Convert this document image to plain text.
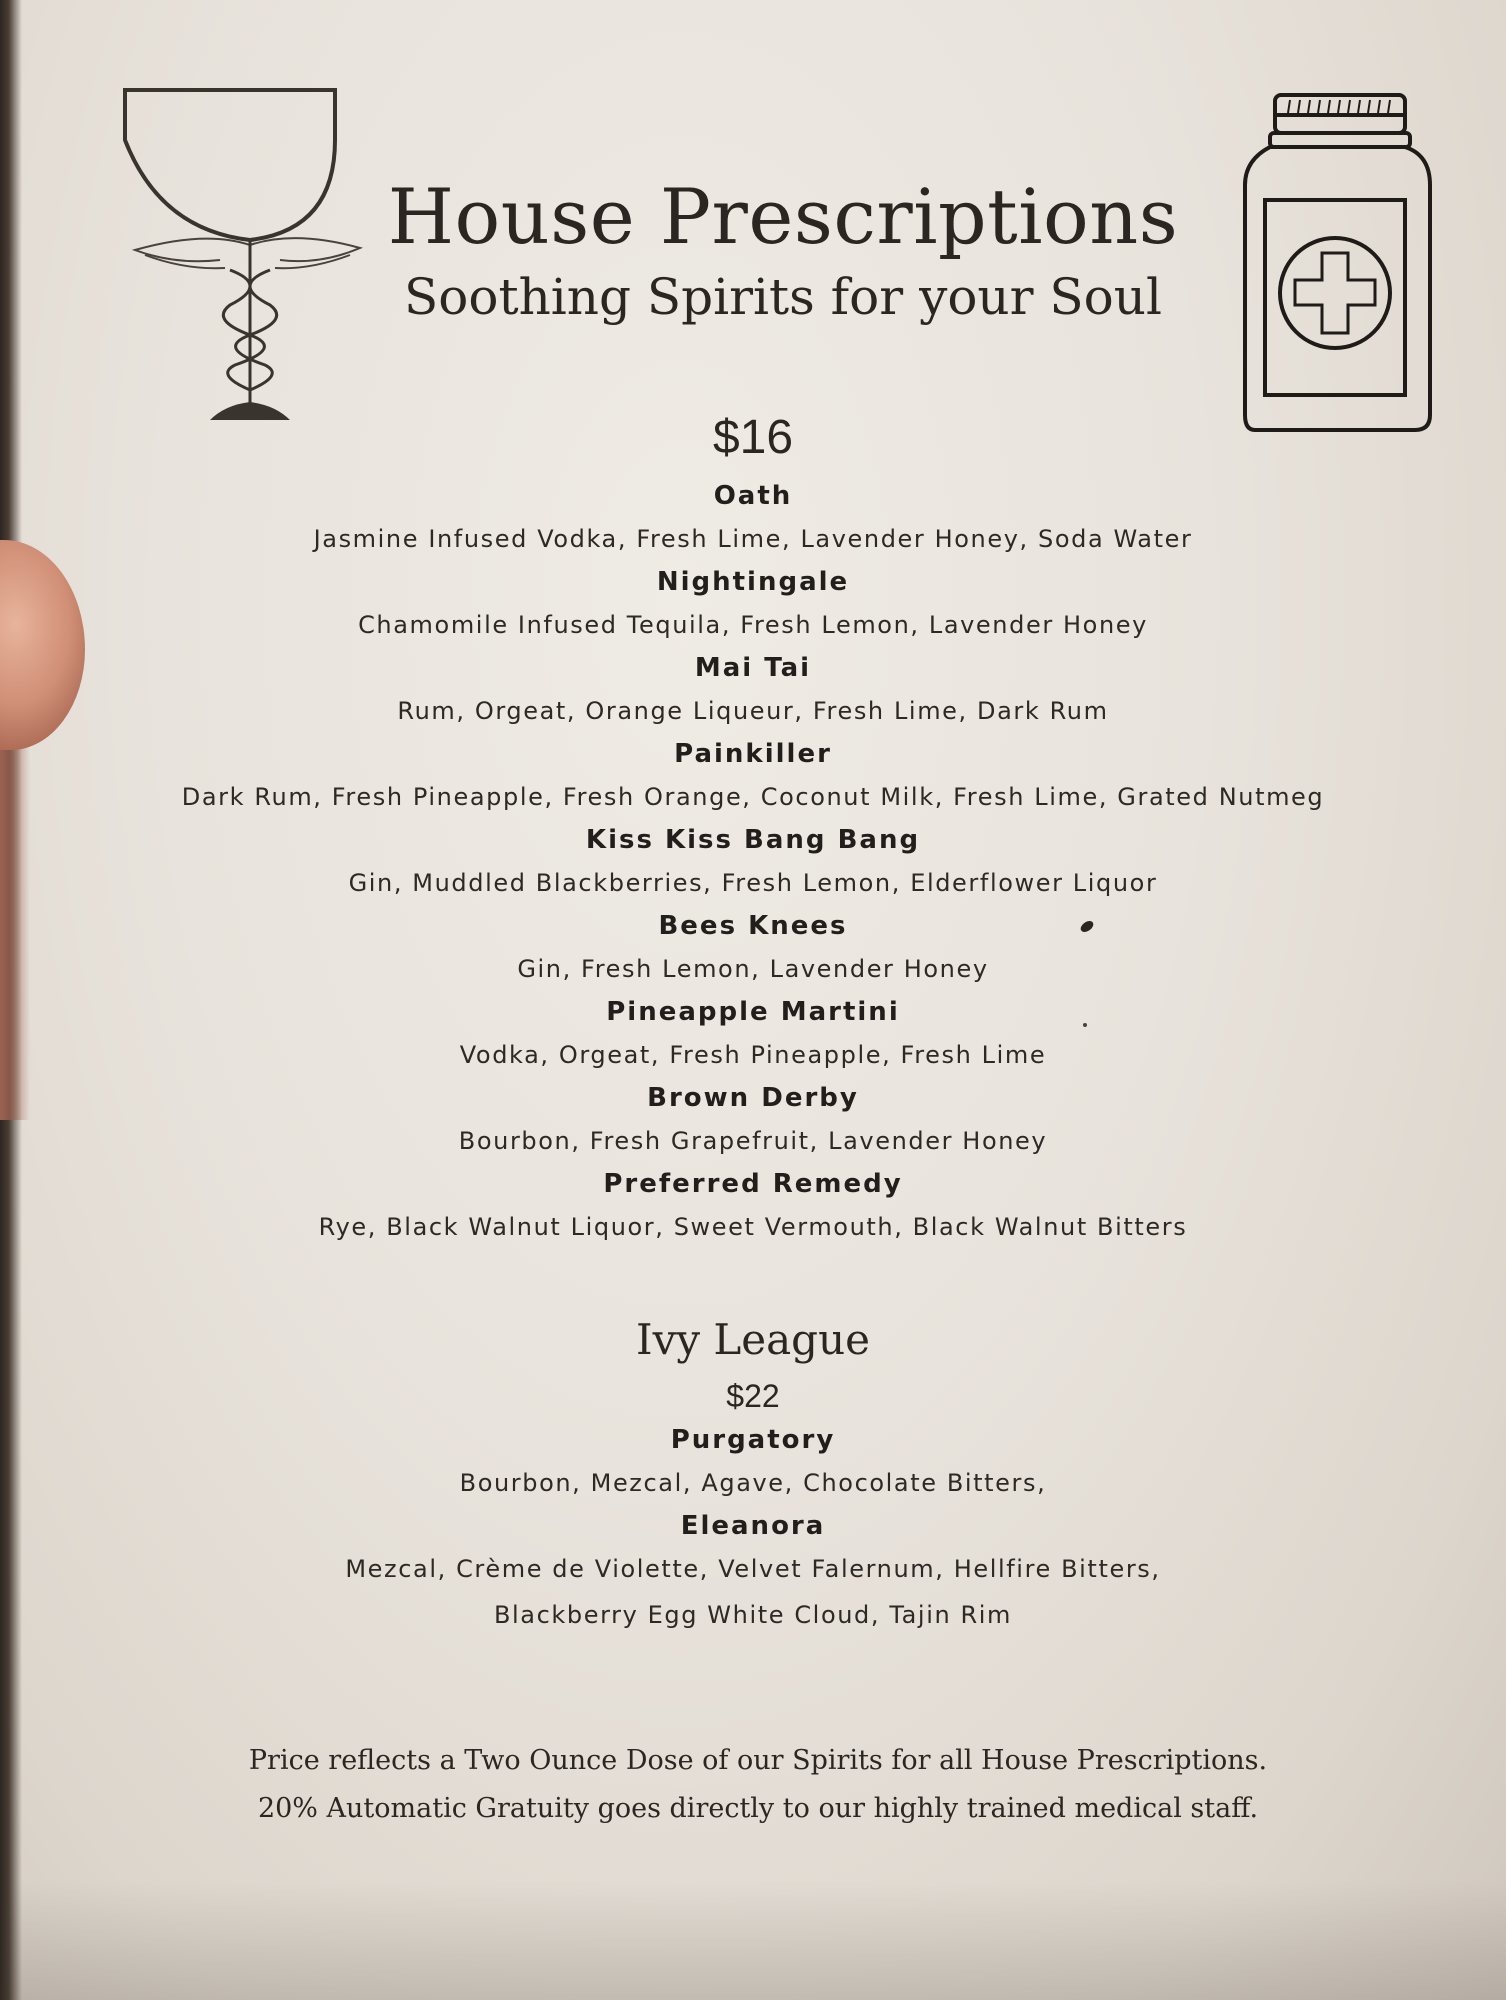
House Prescriptions
Soothing Spirits for your Soul
$16
Oath
Jasmine Infused Vodka, Fresh Lime, Lavender Honey, Soda Water
Nightingale
Chamomile Infused Tequila, Fresh Lemon, Lavender Honey
Mai Tai
Rum, Orgeat, Orange Liqueur, Fresh Lime, Dark Rum
Painkiller
Dark Rum, Fresh Pineapple, Fresh Orange, Coconut Milk, Fresh Lime, Grated Nutmeg
Kiss Kiss Bang Bang
Gin, Muddled Blackberries, Fresh Lemon, Elderflower Liquor
Bees Knees
Gin, Fresh Lemon, Lavender Honey
Pineapple Martini
Vodka, Orgeat, Fresh Pineapple, Fresh Lime
Brown Derby
Bourbon, Fresh Grapefruit, Lavender Honey
Preferred Remedy
Rye, Black Walnut Liquor, Sweet Vermouth, Black Walnut Bitters
Ivy League
$22
Purgatory
Bourbon, Mezcal, Agave, Chocolate Bitters,
Eleanora
Mezcal, Crème de Violette, Velvet Falernum, Hellfire Bitters,
Blackberry Egg White Cloud, Tajin Rim
Price reflects a Two Ounce Dose of our Spirits for all House Prescriptions.
20% Automatic Gratuity goes directly to our highly trained medical staff.
